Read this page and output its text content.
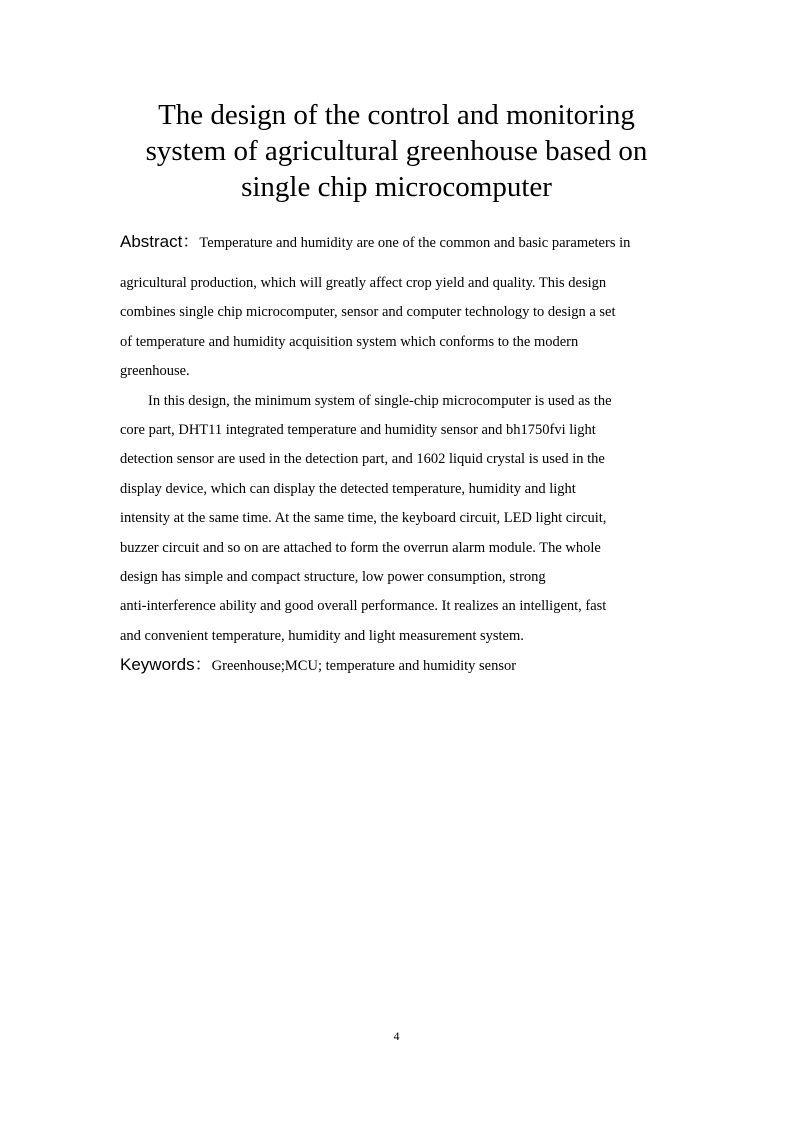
The design of the control and monitoring
system of agricultural greenhouse based on
single chip microcomputer
Abstract：Temperature and humidity are one of the common and basic parameters in
agricultural production, which will greatly affect crop yield and quality. This design
combines single chip microcomputer, sensor and computer technology to design a set
of temperature and humidity acquisition system which conforms to the modern
greenhouse.
In this design, the minimum system of single-chip microcomputer is used as the
core part, DHT11 integrated temperature and humidity sensor and bh1750fvi light
detection sensor are used in the detection part, and 1602 liquid crystal is used in the
display device, which can display the detected temperature, humidity and light
intensity at the same time. At the same time, the keyboard circuit, LED light circuit,
buzzer circuit and so on are attached to form the overrun alarm module. The whole
design has simple and compact structure, low power consumption, strong
anti-interference ability and good overall performance. It realizes an intelligent, fast
and convenient temperature, humidity and light measurement system.
Keywords：Greenhouse;MCU; temperature and humidity sensor
4
